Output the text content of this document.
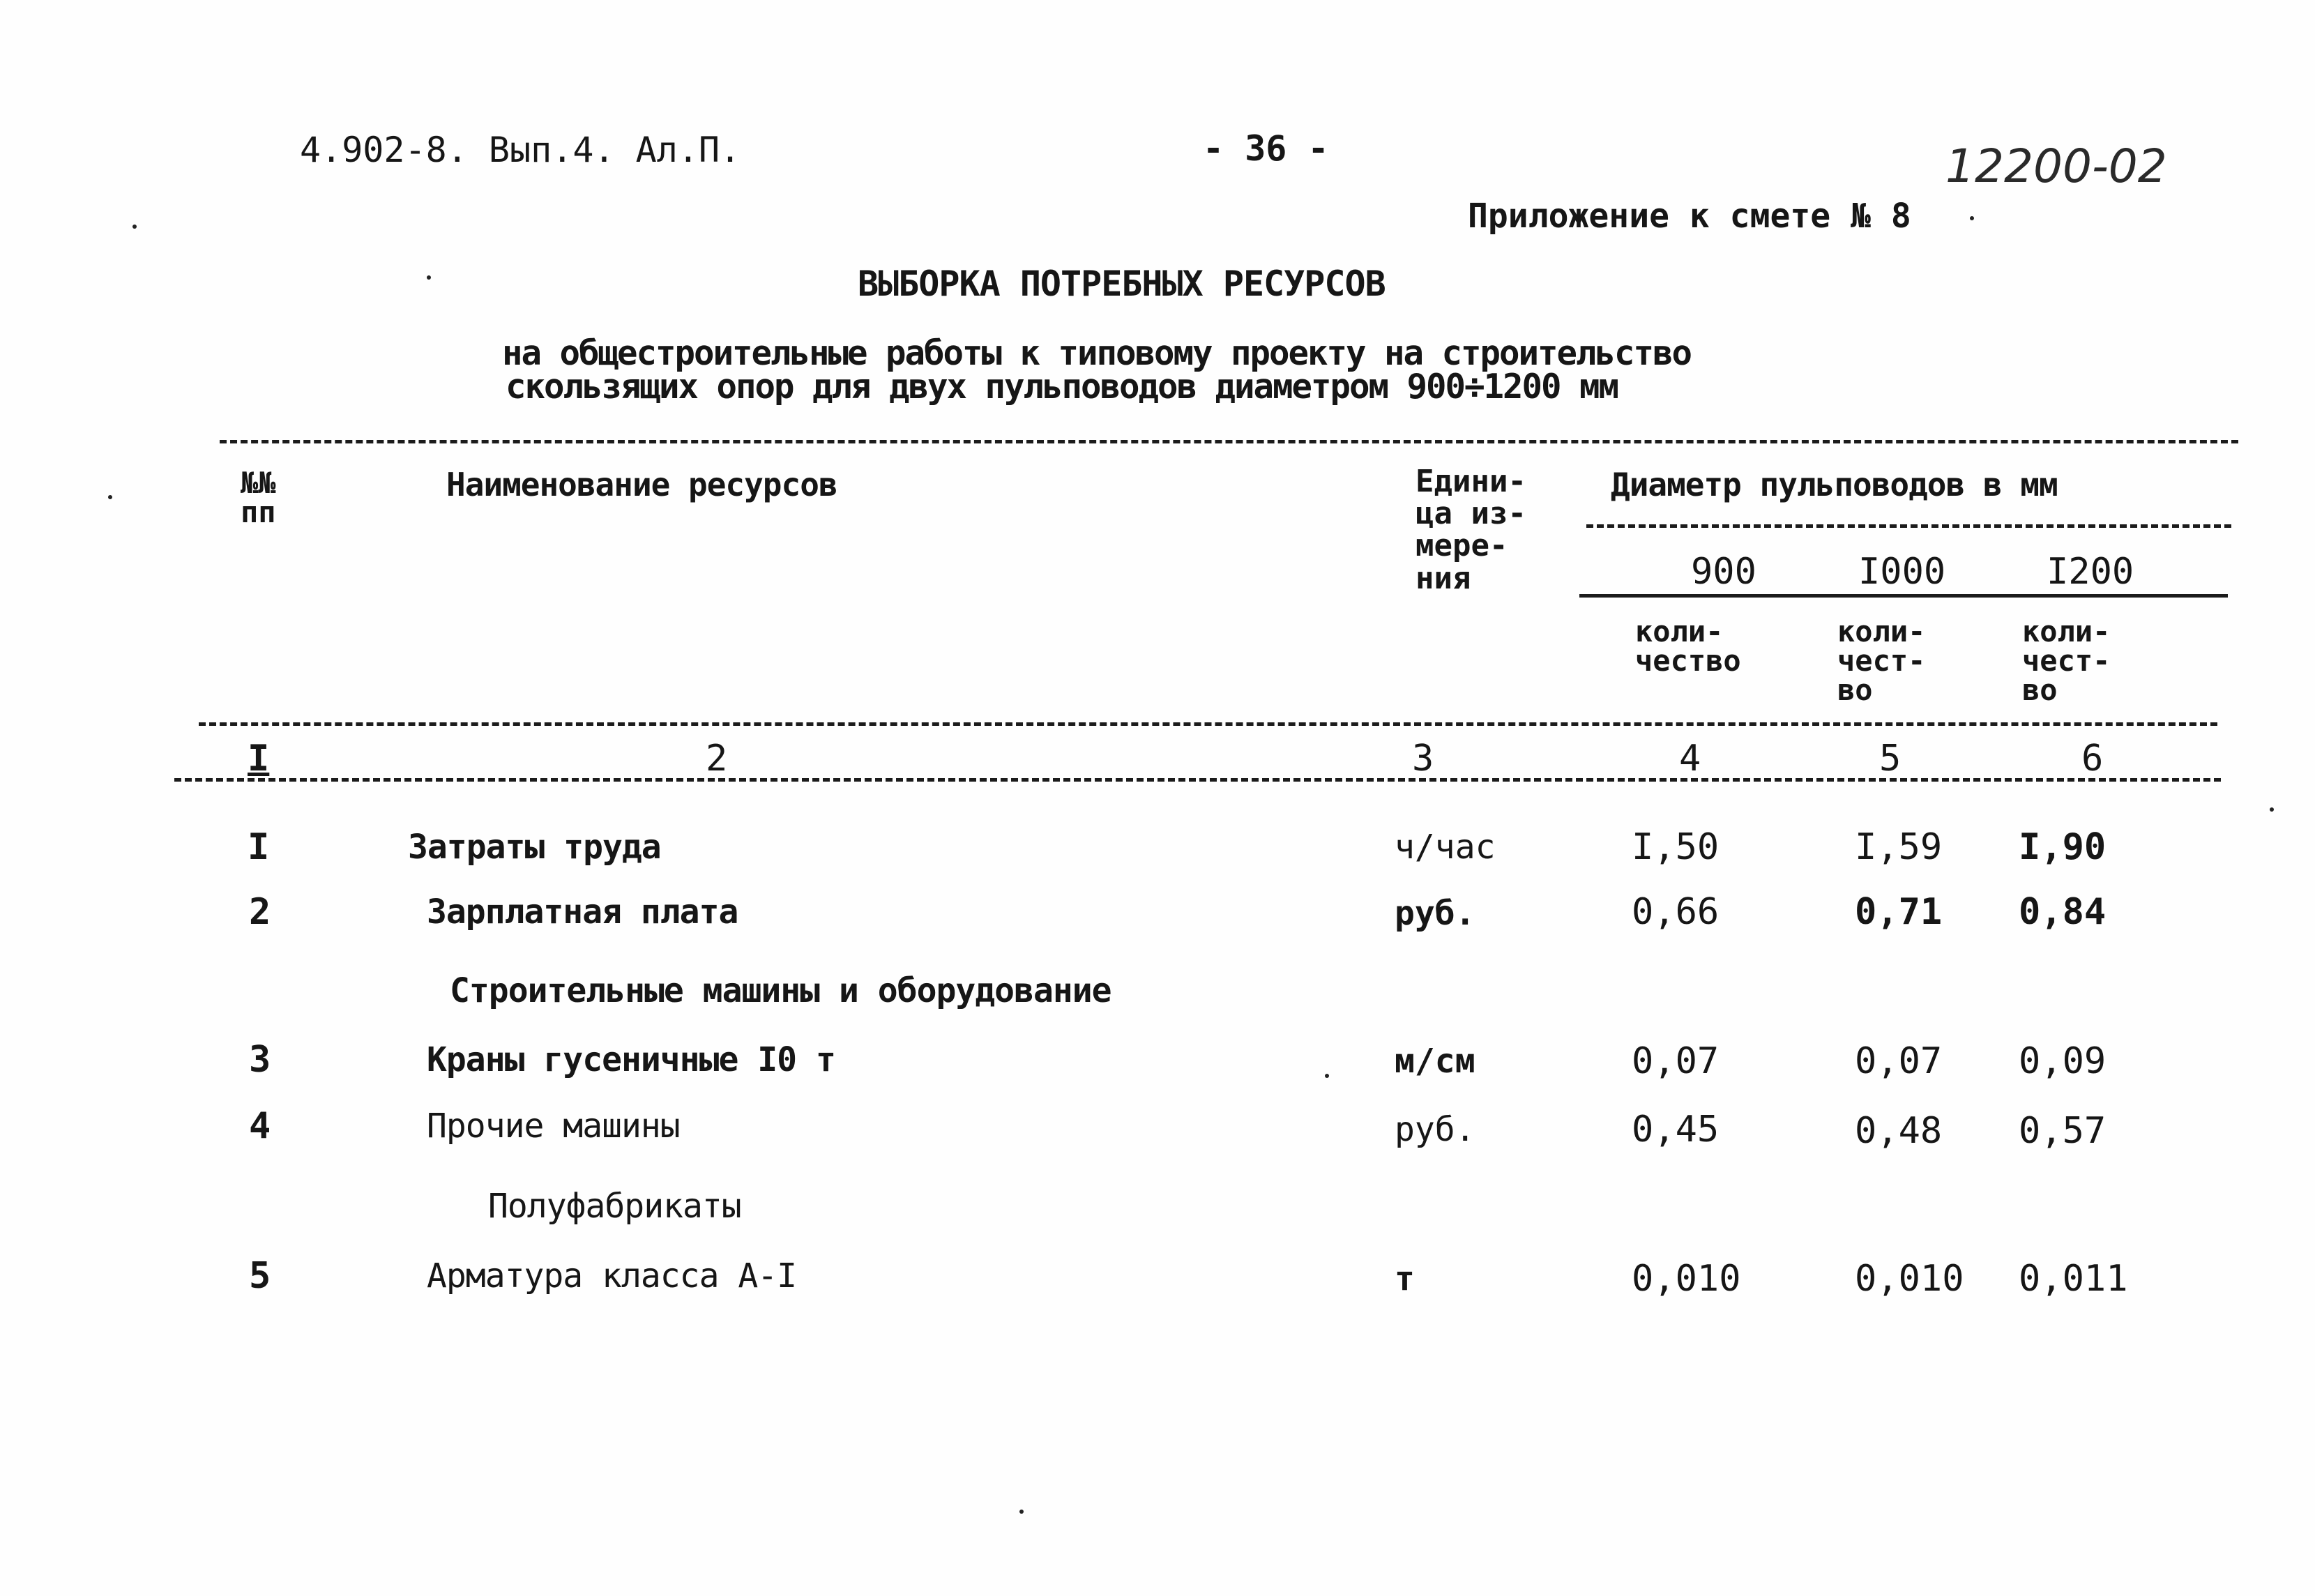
4.902-8. Вып.4. Ал.П.	- 36 -	12200-02
Приложение к смете № 8
ВЫБОРКА ПОТРЕБНЫХ РЕСУРСОВ
на общестроительные работы к типовому проекту на строительство
скользящих опор для двух пульповодов диаметром 900÷1200 мм
№№
пп
Наименование ресурсов	Едини-
ца из-
мере-
ния
Диаметр пульповодов в мм
900	I000	I200
коли-
чество
коли-
чест-
во
коли-
чест-
во
I	2	3	4	5	6
I	Затраты труда	ч/час	I,50	I,59 I,90
2	Зарплатная плата	руб.	0,66	0,71 0,84
Строительные машины и оборудование
3	Краны гусеничные I0 т	м/см	0,07	0,07 0,09
4	Прочие машины	руб.	0,45	0,48 0,57
Полуфабрикаты
5	Арматура класса А-I	т	0,010	0,010 0,011
